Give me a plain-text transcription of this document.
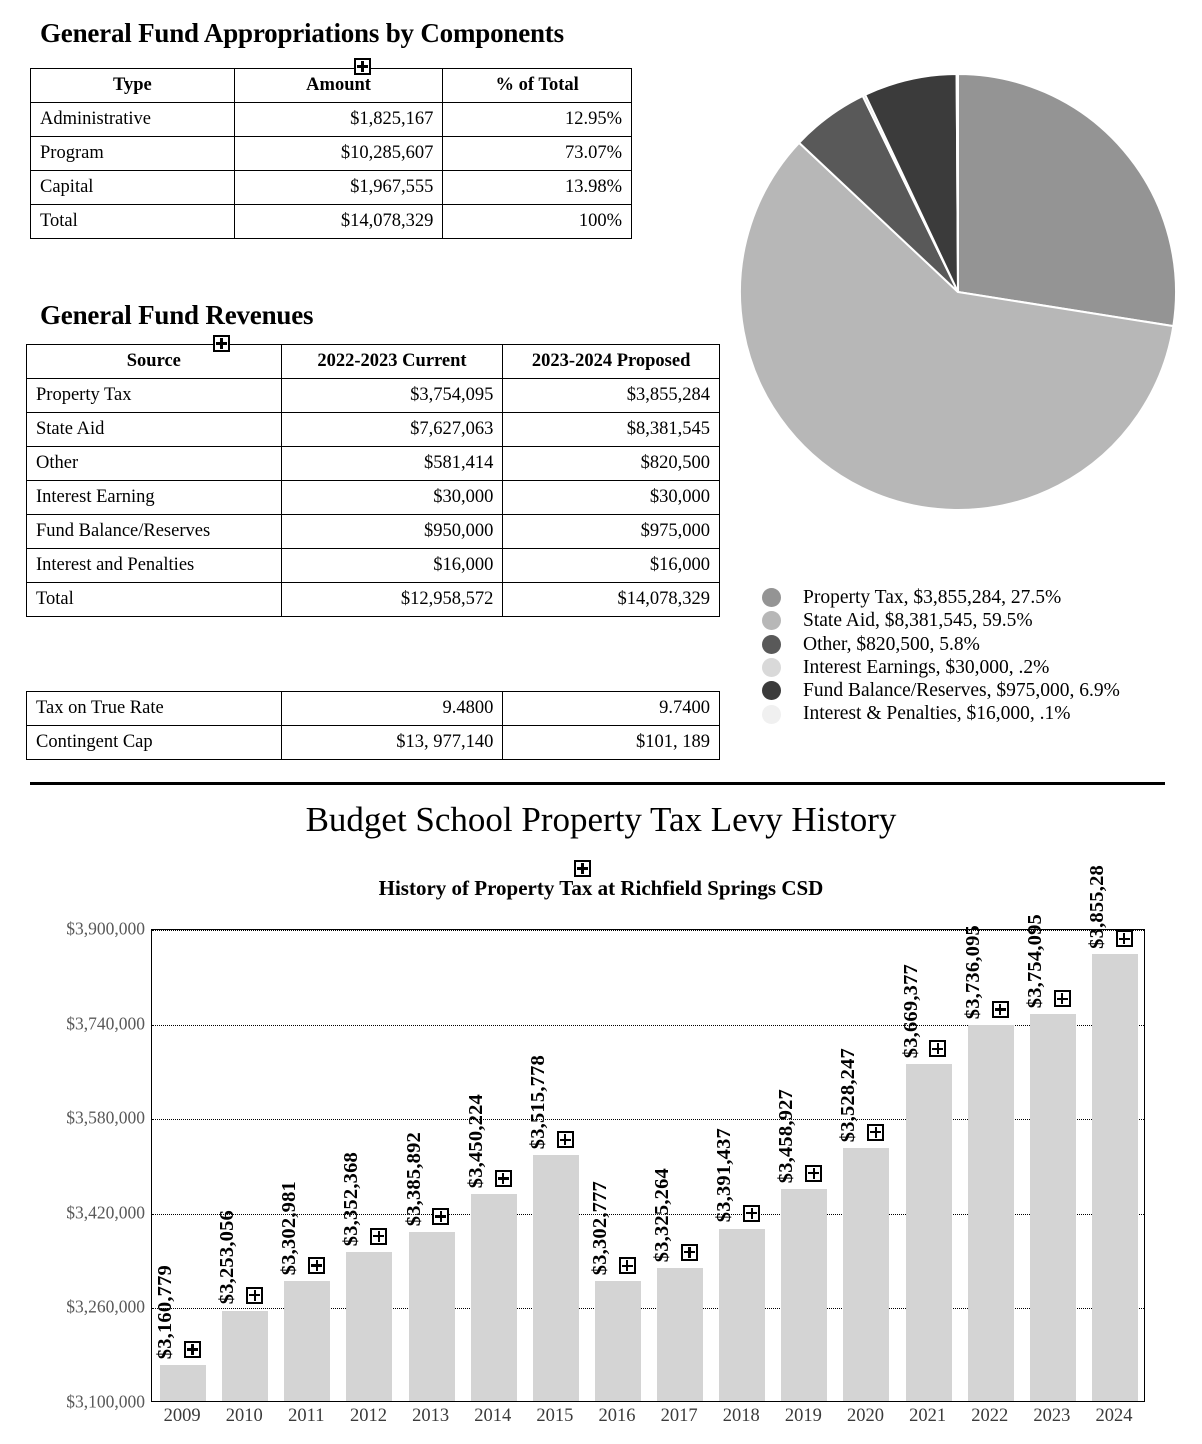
General Fund Appropriations by Components
Type	Amount	% of Total
Administrative	$1,825,167	12.95%
Program	$10,285,607	73.07%
Capital	$1,967,555	13.98%
Total	$14,078,329	100%
General Fund Revenues
Source	2022-2023 Current	2023-2024 Proposed
Property Tax	$3,754,095	$3,855,284
State Aid	$7,627,063	$8,381,545
Other	$581,414	$820,500
Interest Earning	$30,000	$30,000
Fund Balance/Reserves	$950,000	$975,000
Interest and Penalties	$16,000	$16,000
Total	$12,958,572	$14,078,329
Tax on True Rate	9.4800	9.7400
Contingent Cap	$13, 977,140	$101, 189
Property Tax, $3,855,284, 27.5%
State Aid, $8,381,545, 59.5%
Other, $820,500, 5.8%
Interest Earnings, $30,000, .2%
Fund Balance/Reserves, $975,000, 6.9%
Interest & Penalties, $16,000, .1%
Budget School Property Tax Levy History
History of Property Tax at Richfield Springs CSD
$3,100,000
$3,260,000
$3,420,000
$3,580,000
$3,740,000
$3,900,000
$3,160,779
$3,253,056 $3,302,981 $3,352,368 $3,385,892 $3,450,224 $3,515,778
$3,302,777 $3,325,264 $3,391,437 $3,458,927 $3,528,247
$3,669,377 $3,736,095 $3,754,095
$3,855,28
2009 2010 2011 2012 2013 2014 2015 2016 2017 2018 2019 2020 2021 2022 2023 2024
